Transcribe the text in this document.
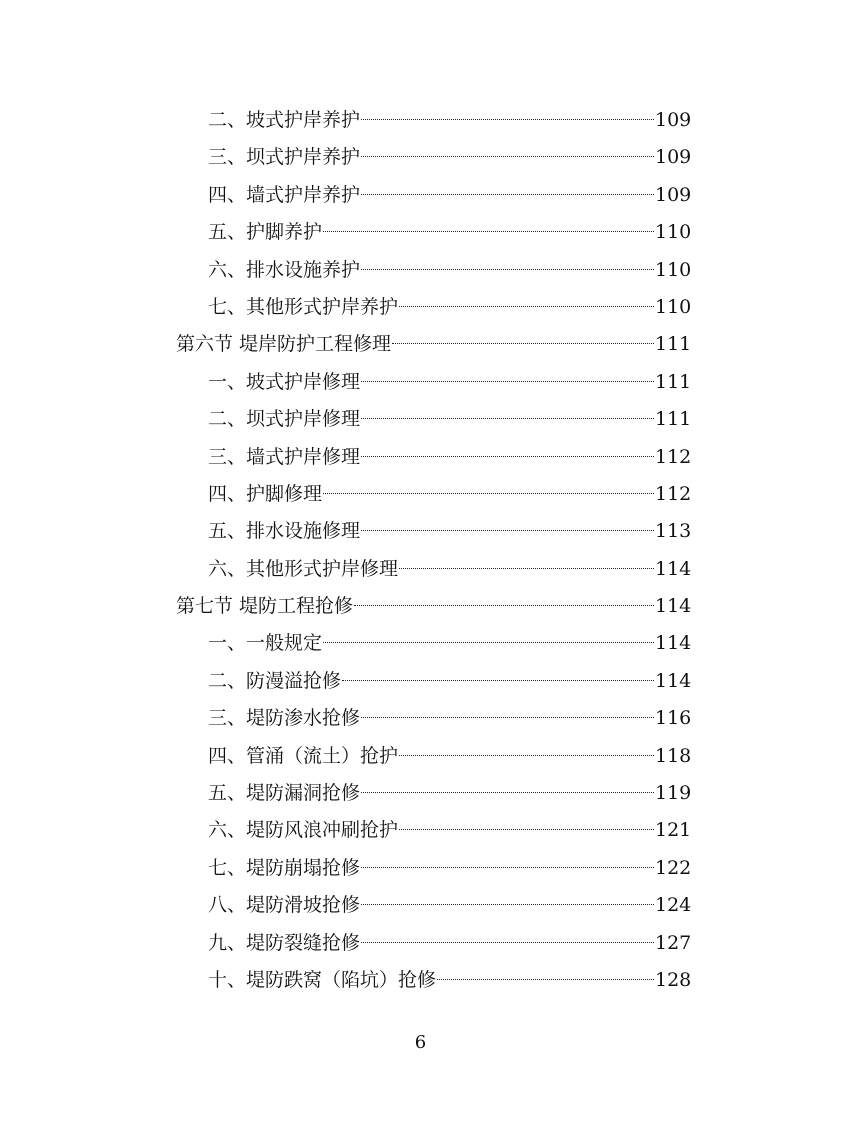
二、坡式护岸养护	109
三、坝式护岸养护	109
四、墙式护岸养护	109
五、护脚养护	110
六、排水设施养护	110
七、其他形式护岸养护	110
第六节 堤岸防护工程修理	111
一、坡式护岸修理	111
二、坝式护岸修理	111
三、墙式护岸修理	112
四、护脚修理	112
五、排水设施修理	113
六、其他形式护岸修理	114
第七节 堤防工程抢修	114
一、一般规定	114
二、防漫溢抢修	114
三、堤防渗水抢修	116
四、管涌（流土）抢护	118
五、堤防漏洞抢修	119
六、堤防风浪冲刷抢护	121
七、堤防崩塌抢修	122
八、堤防滑坡抢修	124
九、堤防裂缝抢修	127
十、堤防跌窝（陷坑）抢修	128
6
